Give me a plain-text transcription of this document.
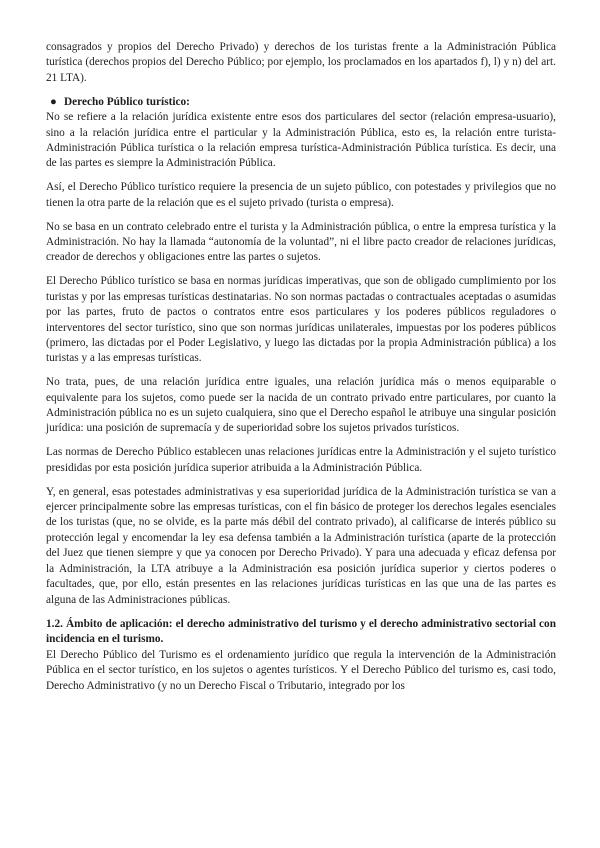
consagrados y propios del Derecho Privado) y derechos de los turistas frente a la Administración Pública turística (derechos propios del Derecho Público; por ejemplo, los proclamados en los apartados f), l) y n) del art. 21 LTA).

● Derecho Público turístico:

No se refiere a la relación jurídica existente entre esos dos particulares del sector (relación empresa-usuario), sino a la relación jurídica entre el particular y la Administración Pública, esto es, la relación entre turista-Administración Pública turística o la relación empresa turística-Administración Pública turística. Es decir, una de las partes es siempre la Administración Pública.

Así, el Derecho Público turístico requiere la presencia de un sujeto público, con potestades y privilegios que no tienen la otra parte de la relación que es el sujeto privado (turista o empresa).

No se basa en un contrato celebrado entre el turista y la Administración pública, o entre la empresa turística y la Administración. No hay la llamada “autonomía de la voluntad”, ni el libre pacto creador de relaciones jurídicas, creador de derechos y obligaciones entre las partes o sujetos.

El Derecho Público turístico se basa en normas jurídicas imperativas, que son de obligado cumplimiento por los turistas y por las empresas turísticas destinatarias. No son normas pactadas o contractuales aceptadas o asumidas por las partes, fruto de pactos o contratos entre esos particulares y los poderes públicos reguladores o interventores del sector turístico, sino que son normas jurídicas unilaterales, impuestas por los poderes públicos (primero, las dictadas por el Poder Legislativo, y luego las dictadas por la propia Administración pública) a los turistas y a las empresas turísticas.

No trata, pues, de una relación jurídica entre iguales, una relación jurídica más o menos equiparable o equivalente para los sujetos, como puede ser la nacida de un contrato privado entre particulares, por cuanto la Administración pública no es un sujeto cualquiera, sino que el Derecho español le atribuye una singular posición jurídica: una posición de supremacía y de superioridad sobre los sujetos privados turísticos.

Las normas de Derecho Público establecen unas relaciones jurídicas entre la Administración y el sujeto turístico presididas por esta posición jurídica superior atribuida a la Administración Pública.

Y, en general, esas potestades administrativas y esa superioridad jurídica de la Administración turística se van a ejercer principalmente sobre las empresas turísticas, con el fin básico de proteger los derechos legales esenciales de los turistas (que, no se olvide, es la parte más débil del contrato privado), al calificarse de interés público su protección legal y encomendar la ley esa defensa también a la Administración turística (aparte de la protección del Juez que tienen siempre y que ya conocen por Derecho Privado). Y para una adecuada y eficaz defensa por la Administración, la LTA atribuye a la Administración esa posición jurídica superior y ciertos poderes o facultades, que, por ello, están presentes en las relaciones jurídicas turísticas en las que una de las partes es alguna de las Administraciones públicas.

1.2. Ámbito de aplicación: el derecho administrativo del turismo y el derecho administrativo sectorial con incidencia en el turismo.

El Derecho Público del Turismo es el ordenamiento jurídico que regula la intervención de la Administración Pública en el sector turístico, en los sujetos o agentes turísticos. Y el Derecho Público del turismo es, casi todo, Derecho Administrativo (y no un Derecho Fiscal o Tributario, integrado por los
